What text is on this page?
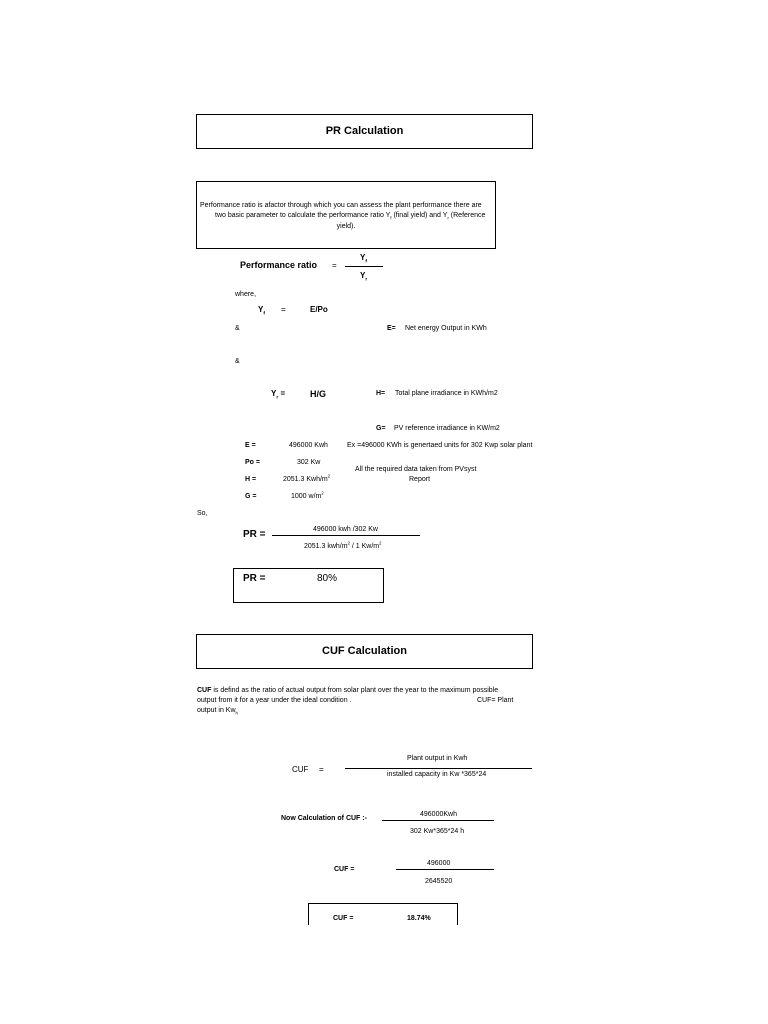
PR Calculation
Performance ratio is afactor through which you can assess the plant performance there are
two basic parameter to calculate the performance ratio $Y_f$ (final yield) and $Y_r$ (Reference
yield).
Performance ratio =
$Y_f$
$Y_r$
where,
$Y_f$
=	E/Po
&	E= Net energy Output in KWh
&
$Y_r$ =	H/G	H= Total plane irradiance in KWh/m2
G= PV reference irradiance in KW/m2
E =	496000 Kwh	Ex =496000 KWh is genertaed units for 302 Kwp solar plant
Po =	302 Kw
All the required data taken from PVsyst
Report
H =	2051.3 Kwh/$m^2$
G =	1000 $w/m^2$
So,
PR =	496000 kwh /302 Kw
2051.3 kwh/$m^2 / 1$ $Kw/m^2$
PR =	80%
CUF Calculation
CUF is defind as the ratio of actual output from solar plant over the year to the maximum possible
output from it for a year under the ideal condition .	CUF= Plant
output in $Kw_h$
CUF =
Plant output in Kwh
installed capacity in Kw *365*24
Now Calculation of CUF :-
496000Kwh
302 Kw*365*24 h
CUF =
496000
2645520
CUF =	18.74%
